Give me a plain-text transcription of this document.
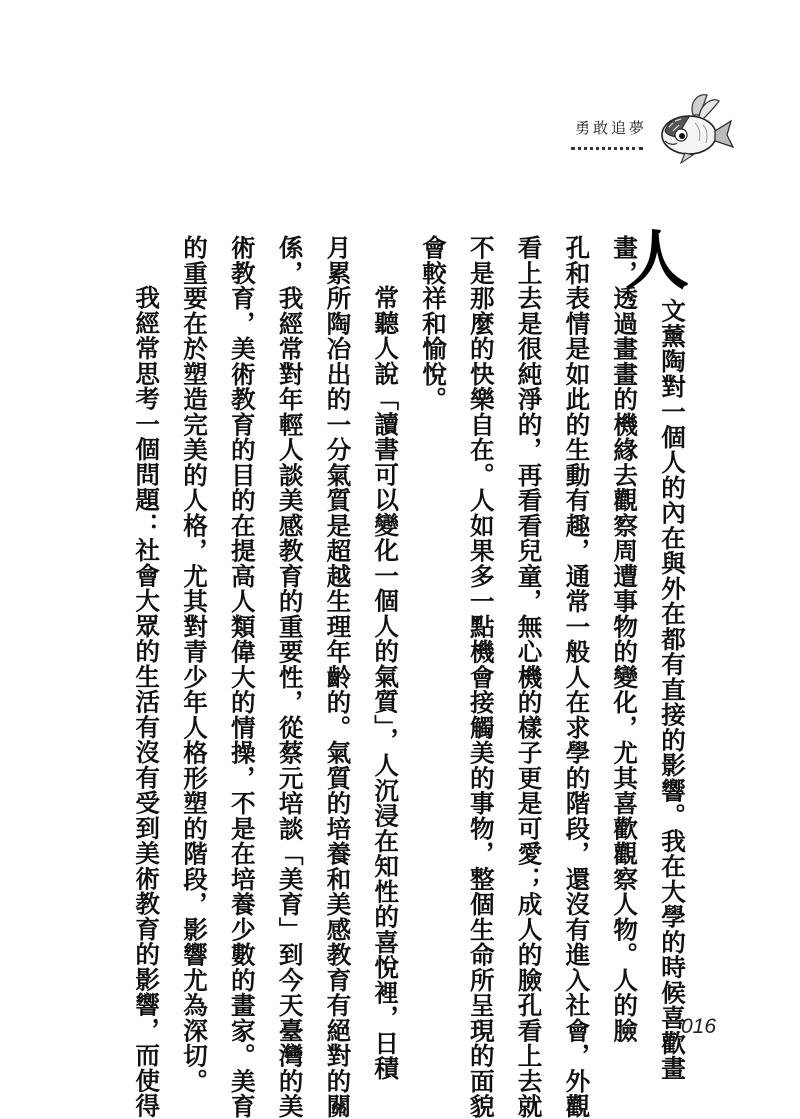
勇敢追夢
人
文薰陶對一個人的內在與外在都有直接的影響。我在大學的時候喜歡畫
畫，透過畫畫的機緣去觀察周遭事物的變化，尤其喜歡觀察人物。人的臉
孔和表情是如此的生動有趣，通常一般人在求學的階段，還沒有進入社會，外觀
看上去是很純淨的，再看看兒童，無心機的樣子更是可愛；成人的臉孔看上去就
不是那麼的快樂自在。人如果多一點機會接觸美的事物，整個生命所呈現的面貌
會較祥和愉悅。
常聽人說「讀書可以變化一個人的氣質」，人沉浸在知性的喜悅裡，日積
月累所陶冶出的一分氣質是超越生理年齡的。氣質的培養和美感教育有絕對的關
係，我經常對年輕人談美感教育的重要性，從蔡元培談「美育」到今天臺灣的美
術教育，美術教育的目的在提高人類偉大的情操，不是在培養少數的畫家。美育
的重要在於塑造完美的人格，尤其對青少年人格形塑的階段，影響尤為深切。
我經常思考一個問題：社會大眾的生活有沒有受到美術教育的影響，而使得	016
